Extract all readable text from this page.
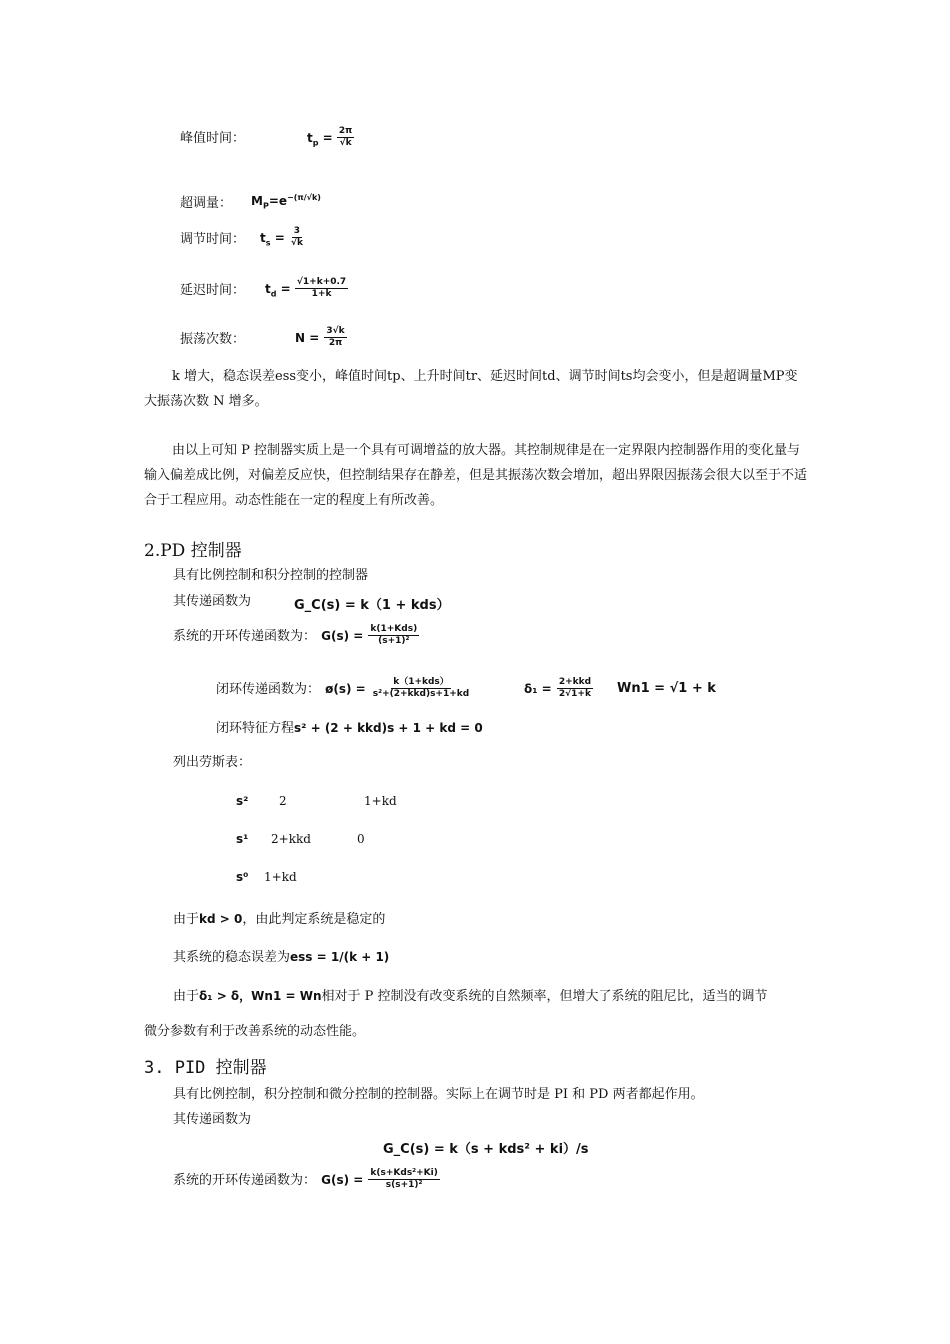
峰值时间：	$t_p = \frac{2\pi}{√k}$
超调量： $M_P=e^{-(\pi/√k)}$
调节时间： $t_s = \frac{3}{√k}$
延迟时间： $t_d = \frac{√1+k+0.7}{1+k}$
振荡次数：	$N = \frac{3√k}{2\pi}$
k 增大，稳态误差ess变小，峰值时间tp、上升时间tr、延迟时间td、调节时间ts均会变小，但是超调量MP变大振荡次数 N 增多。
由以上可知 P 控制器实质上是一个具有可调增益的放大器。其控制规律是在一定界限内控制器作用的变化量与输入偏差成比例，对偏差反应快，但控制结果存在静差，但是其振荡次数会增加，超出界限因振荡会很大以至于不适合于工程应用。动态性能在一定的程度上有所改善。
2.PD 控制器
具有比例控制和积分控制的控制器
其传递函数为	G_C(s) = k（1 + kds）
系统的开环传递函数为： $G(s) = \frac{\text{k(1+Kds)}}{\text{(s+1)²}}$
闭环传递函数为： ø(s) = $\frac{\text{k（1+kds）}}{\text{s²+(2+kkd)s+1+kd}}$	$\delta_1 = \frac{\text{2+kkd}}{2√1+k} Wn1 = √1 + k$
闭环特征方程s² + (2 + kkd)s + 1 + kd = 0
列出劳斯表：
s²	2	1+kd
s¹ 2+kkd	0
s⁰ 1+kd
由于kd > 0，由此判定系统是稳定的
其系统的稳态误差为ess = 1/(k + 1)
由于δ₁ > δ，Wn1 = Wn相对于 P 控制没有改变系统的自然频率，但增大了系统的阻尼比，适当的调节
微分参数有利于改善系统的动态性能。
3. PID 控制器
具有比例控制，积分控制和微分控制的控制器。实际上在调节时是 PI 和 PD 两者都起作用。
其传递函数为
G_C(s) = k（s + kds² + ki）/s
系统的开环传递函数为： $G(s) = \frac{\text{k(s+Kds²+Ki)}}{\text{s(s+1)²}}$
